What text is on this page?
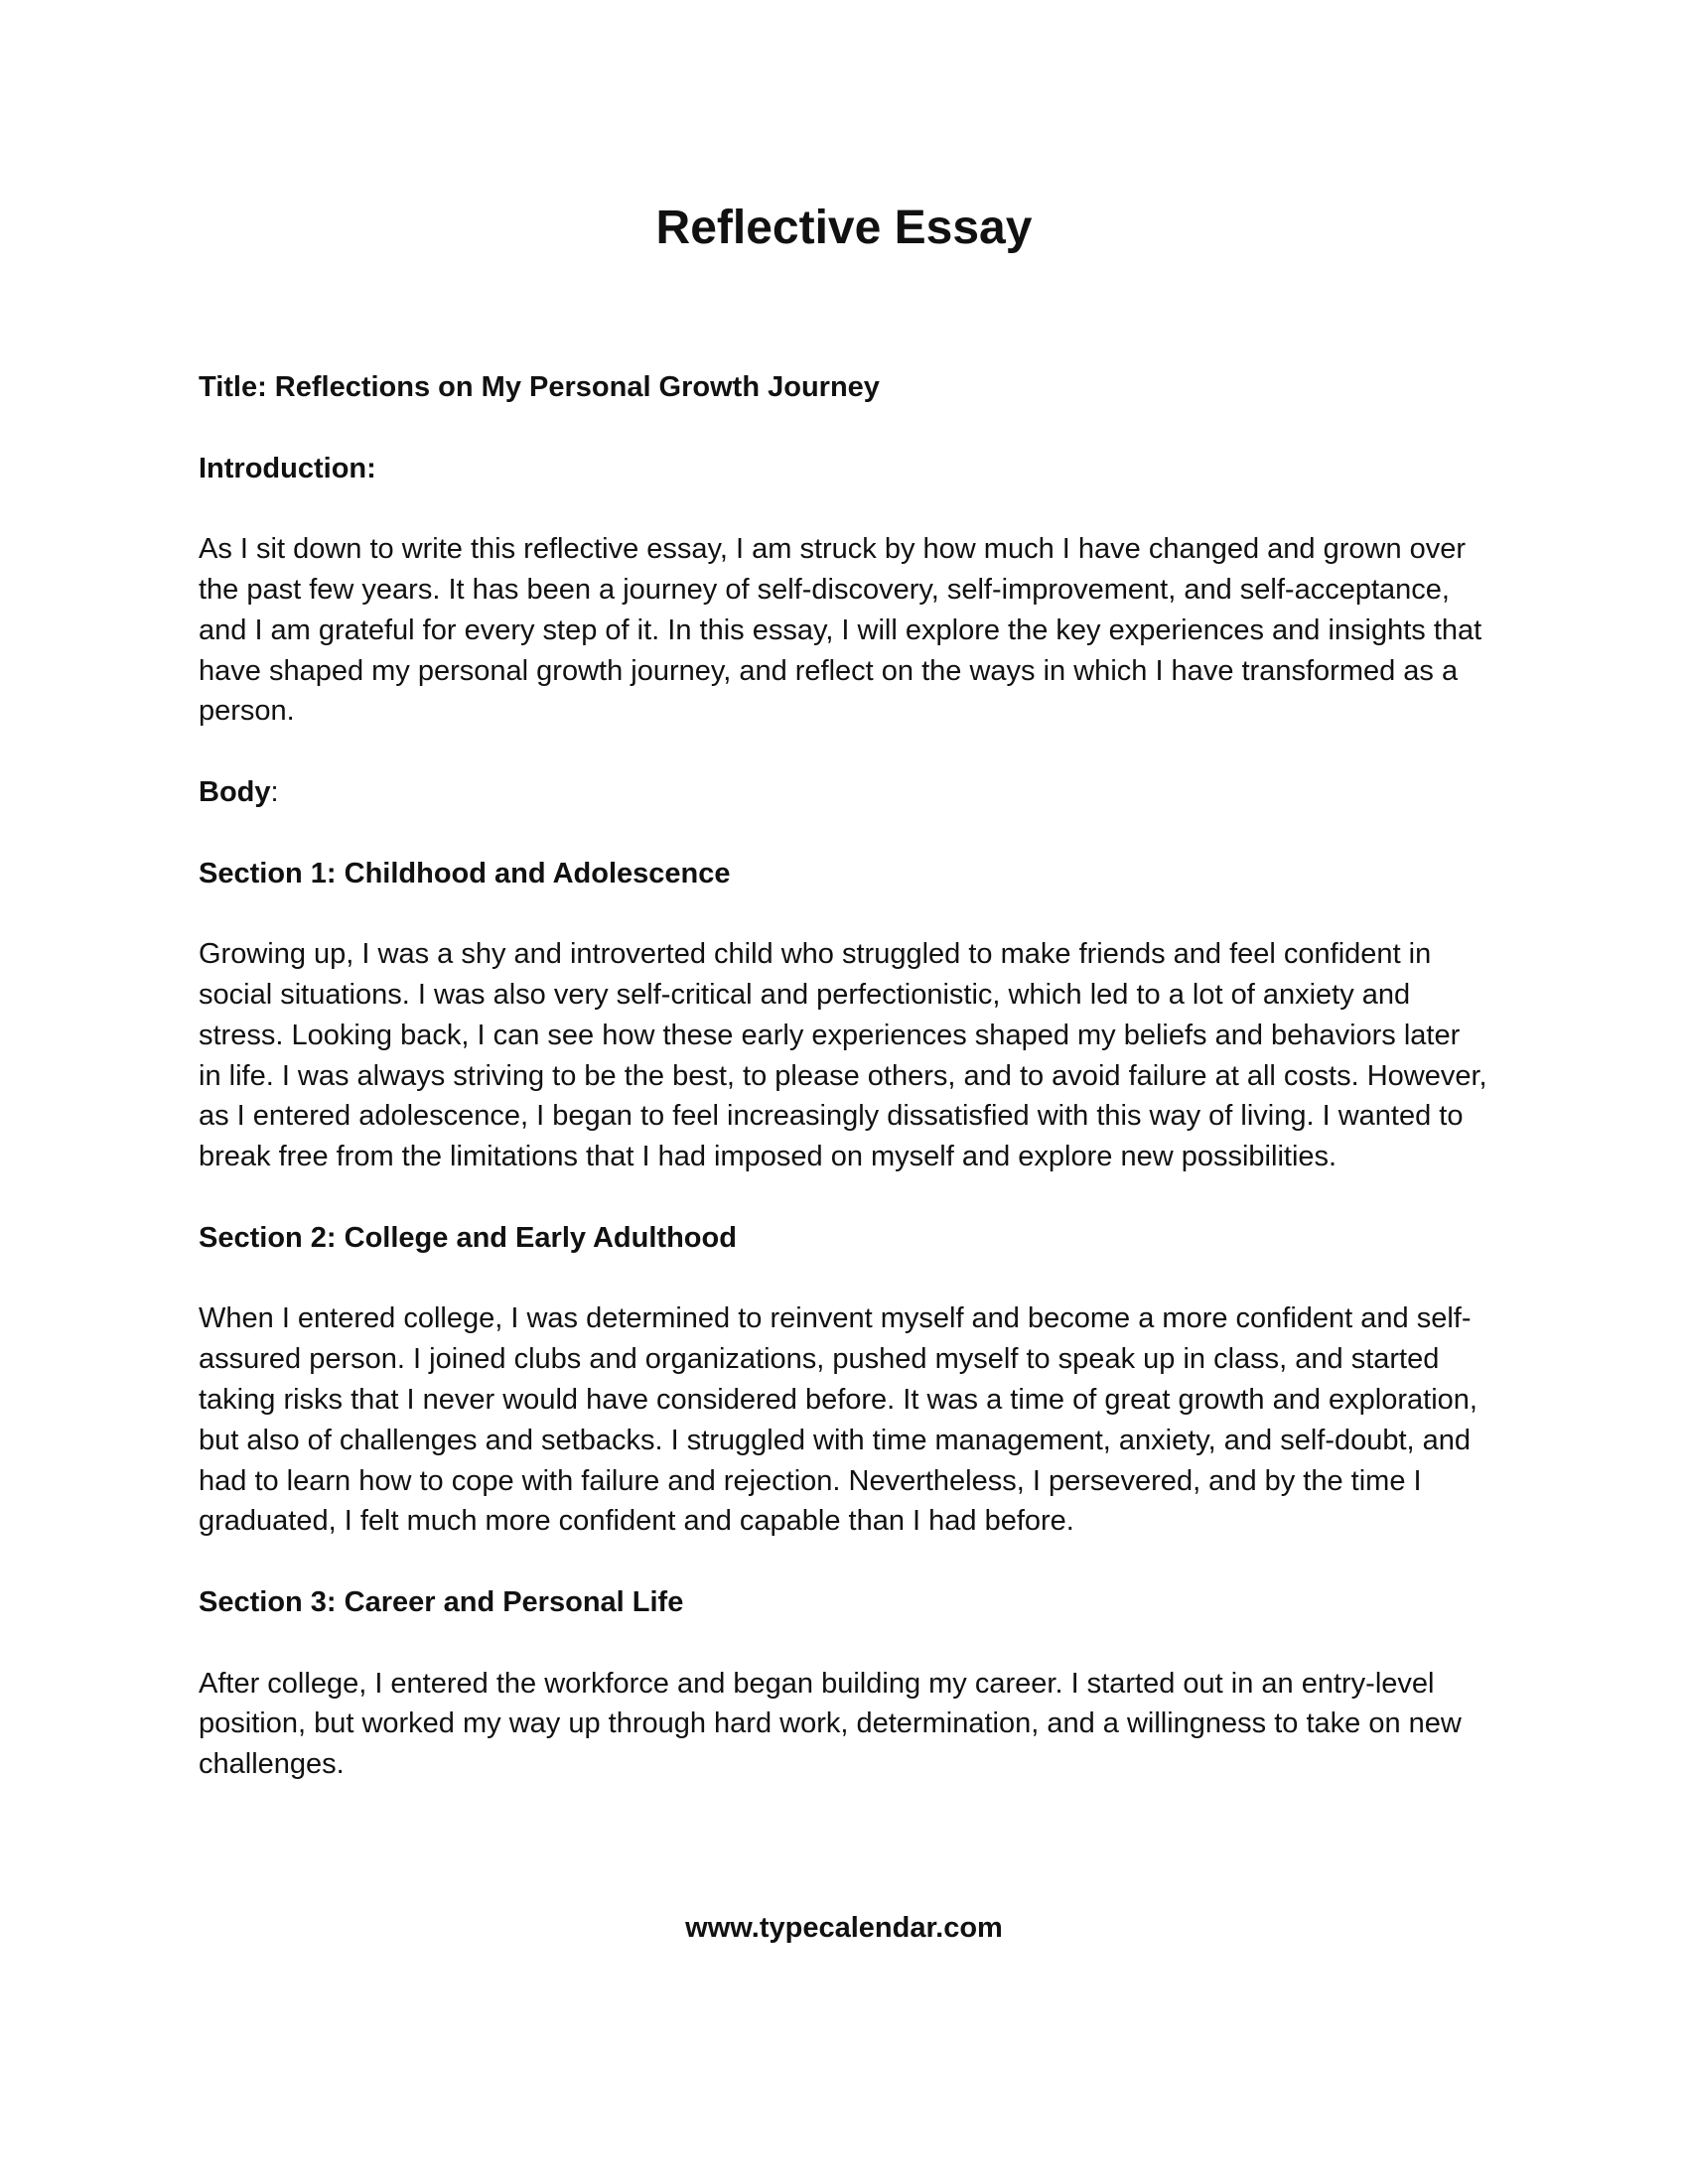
Reflective Essay

Title: Reflections on My Personal Growth Journey

Introduction:

As I sit down to write this reflective essay, I am struck by how much I have changed and grown over the past few years. It has been a journey of self-discovery, self-improvement, and self-acceptance, and I am grateful for every step of it. In this essay, I will explore the key experiences and insights that have shaped my personal growth journey, and reflect on the ways in which I have transformed as a person.

Body:

Section 1: Childhood and Adolescence

Growing up, I was a shy and introverted child who struggled to make friends and feel confident in social situations. I was also very self-critical and perfectionistic, which led to a lot of anxiety and stress. Looking back, I can see how these early experiences shaped my beliefs and behaviors later in life. I was always striving to be the best, to please others, and to avoid failure at all costs. However, as I entered adolescence, I began to feel increasingly dissatisfied with this way of living. I wanted to break free from the limitations that I had imposed on myself and explore new possibilities.

Section 2: College and Early Adulthood

When I entered college, I was determined to reinvent myself and become a more confident and self-assured person. I joined clubs and organizations, pushed myself to speak up in class, and started taking risks that I never would have considered before. It was a time of great growth and exploration, but also of challenges and setbacks. I struggled with time management, anxiety, and self-doubt, and had to learn how to cope with failure and rejection. Nevertheless, I persevered, and by the time I graduated, I felt much more confident and capable than I had before.

Section 3: Career and Personal Life

After college, I entered the workforce and began building my career. I started out in an entry-level position, but worked my way up through hard work, determination, and a willingness to take on new challenges.

www.typecalendar.com
